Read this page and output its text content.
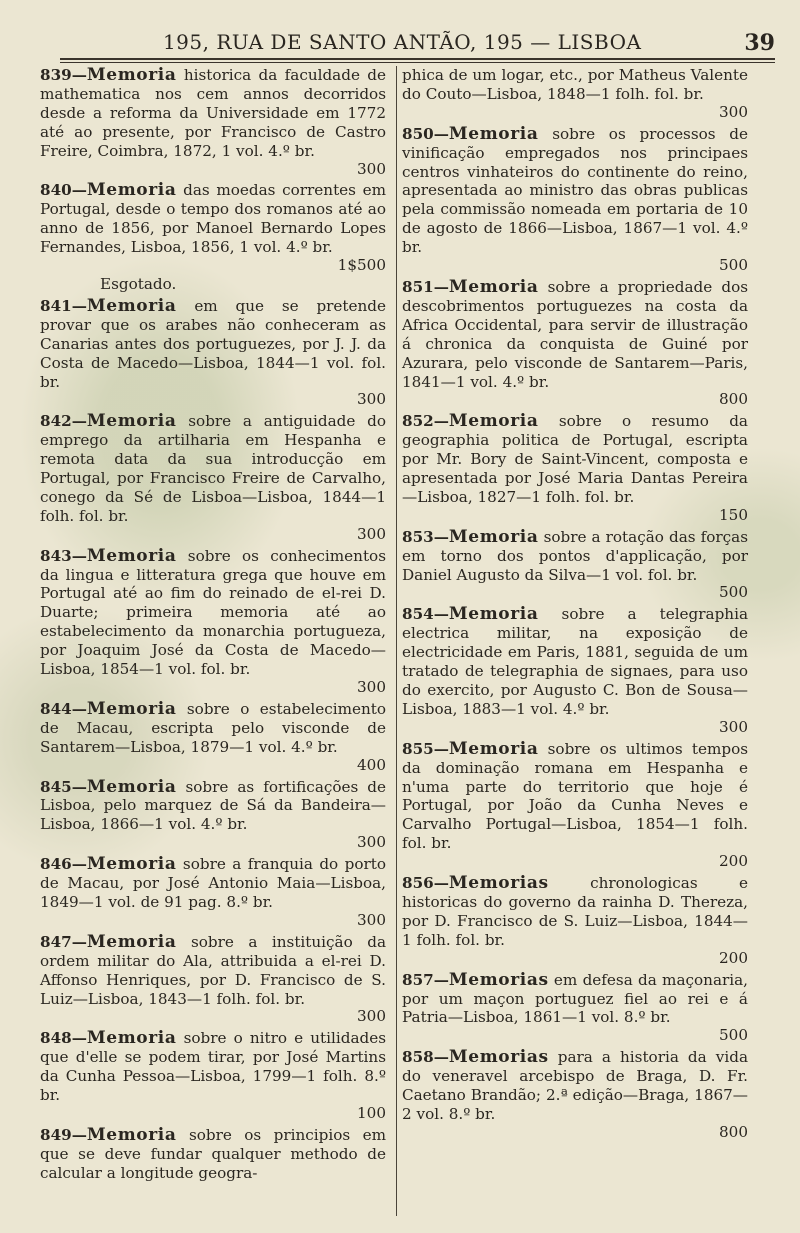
195, RUA DE SANTO ANTÃO, 195 — LISBOA	39
839—Memoria historica da faculdade de mathematica nos cem annos decorridos desde a reforma da Universidade em 1772 até ao presente, por Francisco de Castro Freire, Coimbra, 1872, 1 vol. 4.º br.
300
840—Memoria das moedas correntes em Portugal, desde o tempo dos romanos até ao anno de 1856, por Manoel Bernardo Lopes Fernandes, Lisboa, 1856, 1 vol. 4.º br.
1$500
Esgotado.
841—Memoria em que se pretende provar que os arabes não conheceram as Canarias antes dos portuguezes, por J. J. da Costa de Macedo—Lisboa, 1844—1 vol. fol. br.
300
842—Memoria sobre a antiguidade do emprego da artilharia em Hespanha e remota data da sua introducção em Portugal, por Francisco Freire de Carvalho, conego da Sé de Lisboa—Lisboa, 1844—1 folh. fol. br.
300
843—Memoria sobre os conhecimentos da lingua e litteratura grega que houve em Portugal até ao fim do reinado de el-rei D. Duarte; primeira memoria até ao estabelecimento da monarchia portugueza, por Joaquim José da Costa de Macedo—Lisboa, 1854—1 vol. fol. br.
300
844—Memoria sobre o estabelecimento de Macau, escripta pelo visconde de Santarem—Lisboa, 1879—1 vol. 4.º br.
400
845—Memoria sobre as fortificações de Lisboa, pelo marquez de Sá da Bandeira—Lisboa, 1866—1 vol. 4.º br.
300
846—Memoria sobre a franquia do porto de Macau, por José Antonio Maia—Lisboa, 1849—1 vol. de 91 pag. 8.º br.
300
847—Memoria sobre a instituição da ordem militar do Ala, attribuida a el-rei D. Affonso Henriques, por D. Francisco de S. Luiz—Lisboa, 1843—1 folh. fol. br.
300
848—Memoria sobre o nitro e utilidades que d'elle se podem tirar, por José Martins da Cunha Pessoa—Lisboa, 1799—1 folh. 8.º br.
100
849—Memoria sobre os principios em que se deve fundar qualquer methodo de calcular a longitude geogra-
phica de um logar, etc., por Matheus Valente do Couto—Lisboa, 1848—1 folh. fol. br.
300
850—Memoria sobre os processos de vinificação empregados nos principaes centros vinhateiros do continente do reino, apresentada ao ministro das obras publicas pela commissão nomeada em portaria de 10 de agosto de 1866—Lisboa, 1867—1 vol. 4.º br.
500
851—Memoria sobre a propriedade dos descobrimentos portuguezes na costa da Africa Occidental, para servir de illustração á chronica da conquista de Guiné por Azurara, pelo visconde de Santarem—Paris, 1841—1 vol. 4.º br.
800
852—Memoria sobre o resumo da geographia politica de Portugal, escripta por Mr. Bory de Saint-Vincent, composta e apresentada por José Maria Dantas Pereira—Lisboa, 1827—1 folh. fol. br.
150
853—Memoria sobre a rotação das forças em torno dos pontos d'applicação, por Daniel Augusto da Silva—1 vol. fol. br.
500
854—Memoria sobre a telegraphia electrica militar, na exposição de electricidade em Paris, 1881, seguida de um tratado de telegraphia de signaes, para uso do exercito, por Augusto C. Bon de Sousa—Lisboa, 1883—1 vol. 4.º br.
300
855—Memoria sobre os ultimos tempos da dominação romana em Hespanha e n'uma parte do territorio que hoje é Portugal, por João da Cunha Neves e Carvalho Portugal—Lisboa, 1854—1 folh. fol. br.
200
856—Memorias	chronologicas e historicas do governo da rainha D. Thereza, por D. Francisco de S. Luiz—Lisboa, 1844—1 folh. fol. br.
200
857—Memorias em defesa da maçonaria, por um maçon portuguez fiel ao rei e á Patria—Lisboa, 1861—1 vol. 8.º br.
500
858—Memorias para a historia da vida do veneravel arcebispo de Braga, D. Fr. Caetano Brandão; 2.ª edição—Braga, 1867—2 vol. 8.º br.
800
